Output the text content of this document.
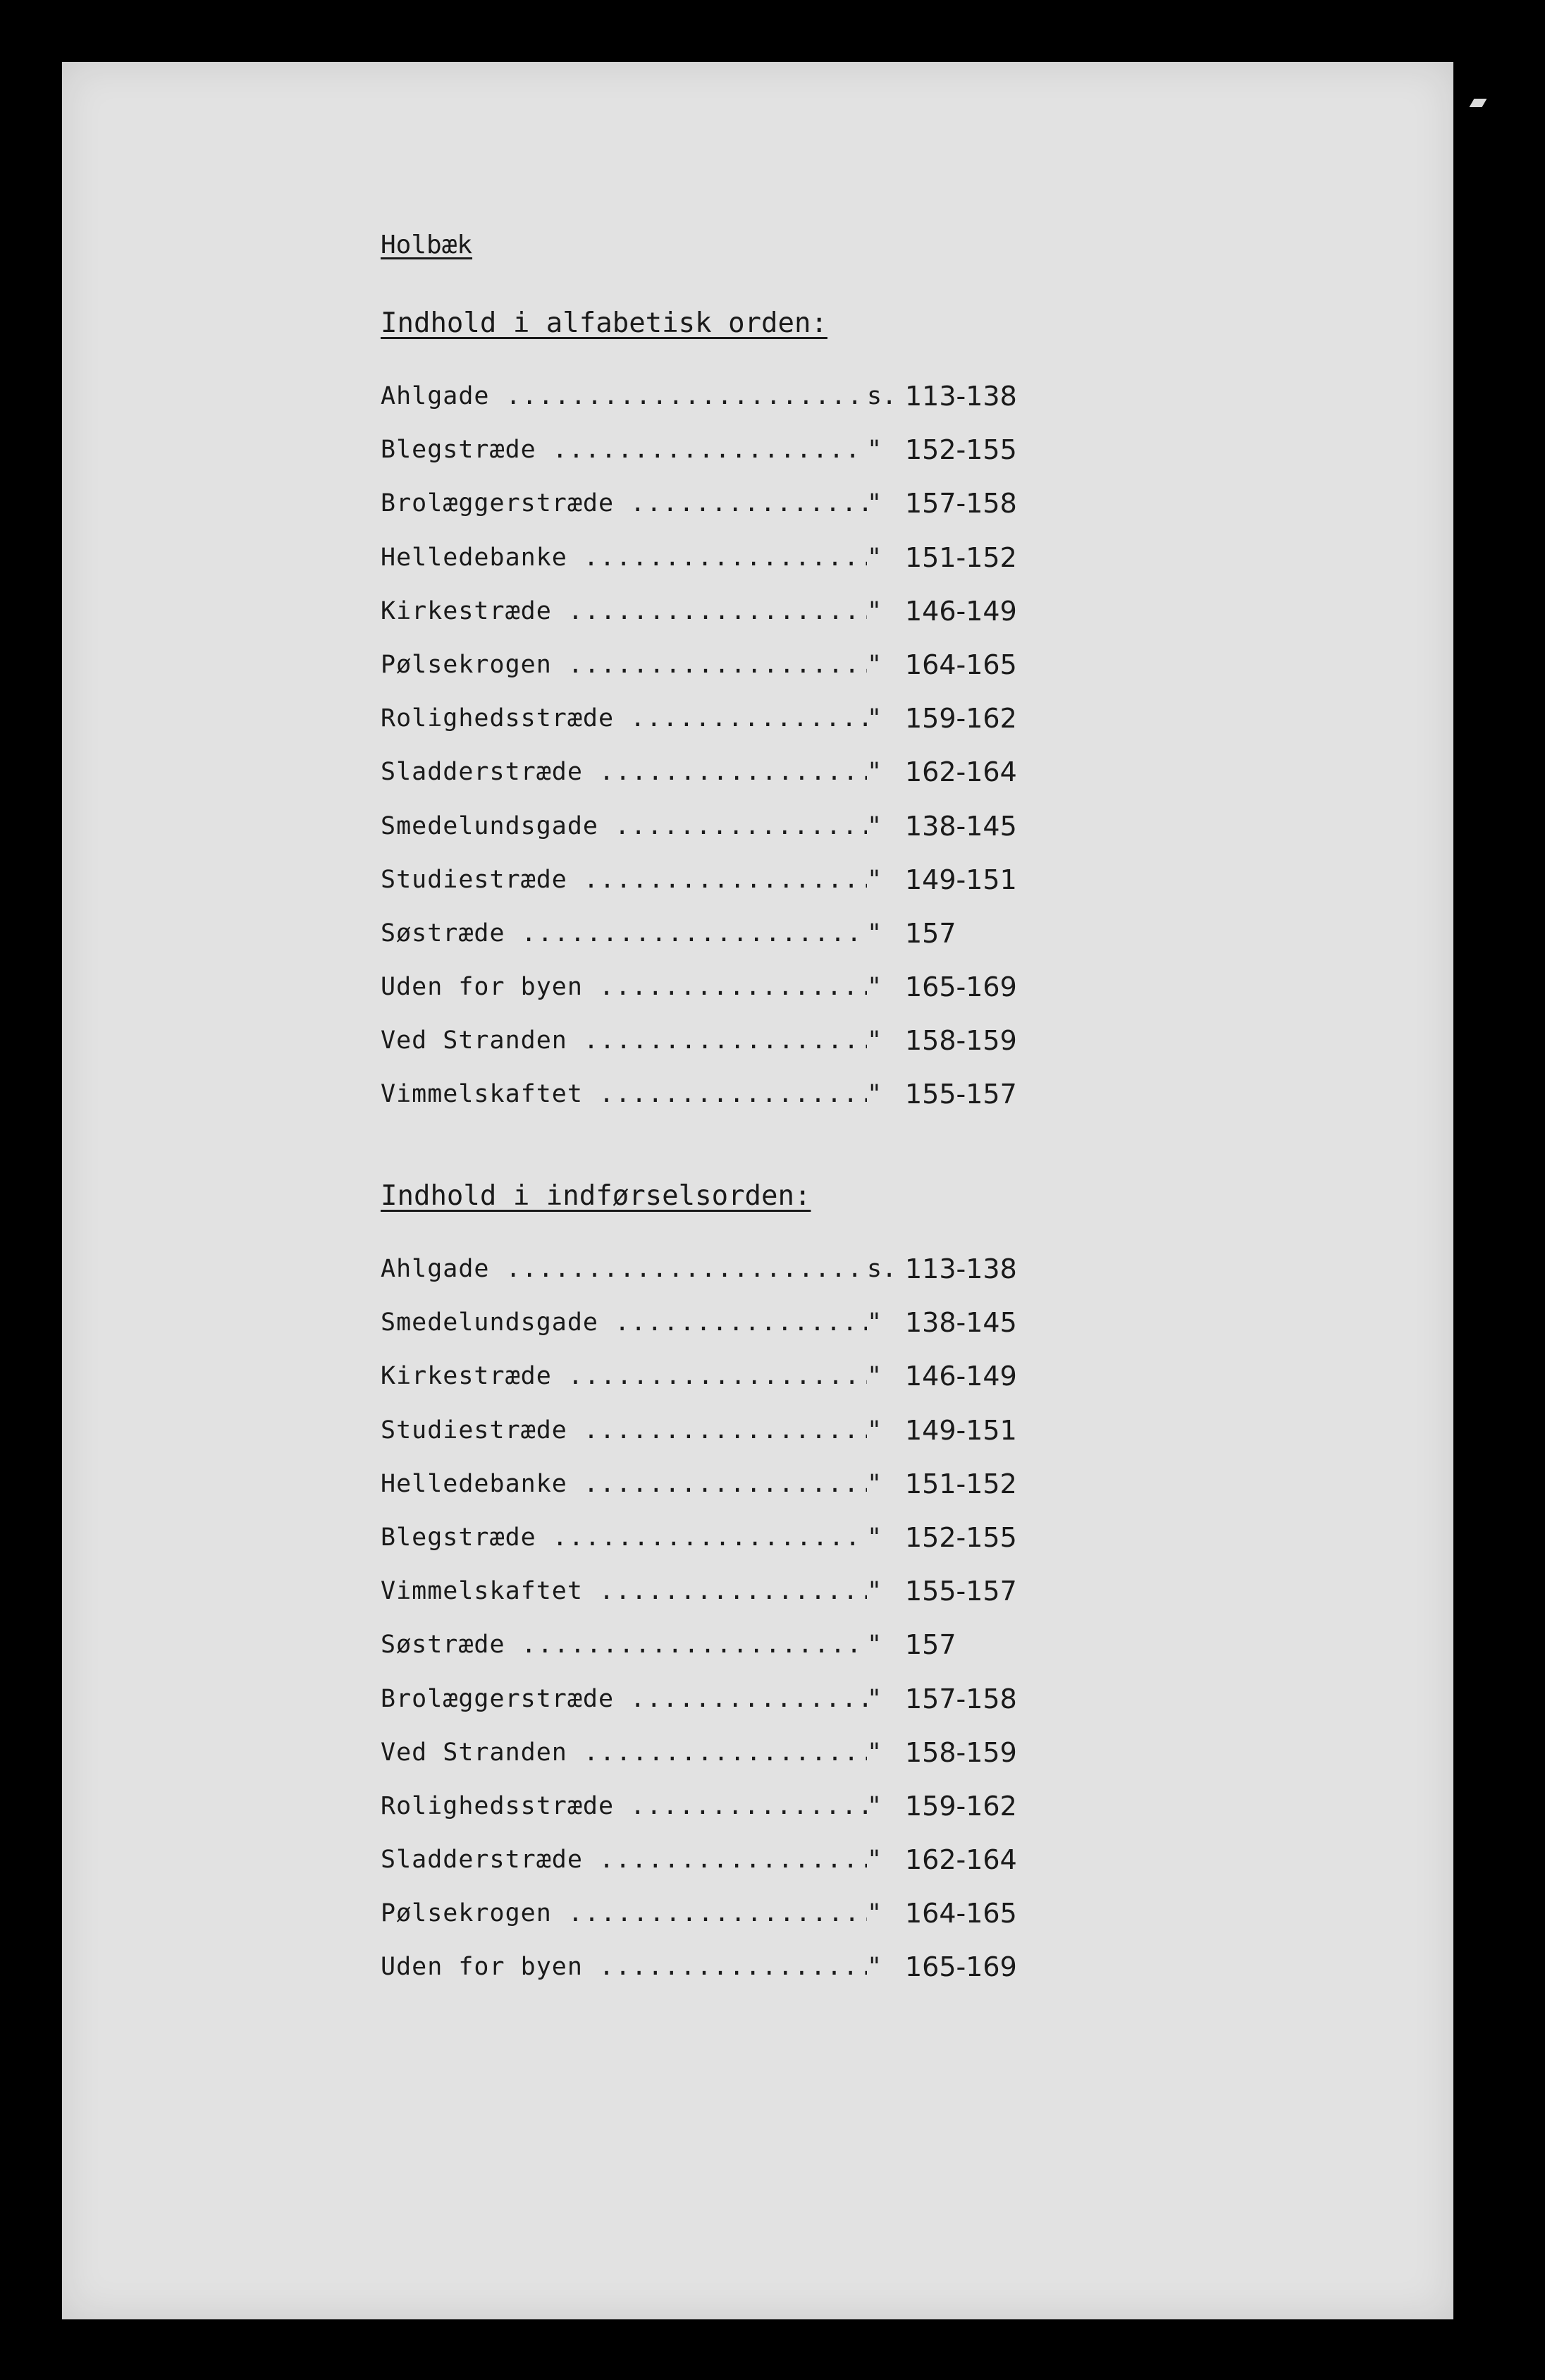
Holbæk
Indhold i alfabetisk orden:
Ahlgade .....	s. 113-138
Blegstræde .....	" 152-155
Brolæggerstræde .....	" 157-158
Helledebanke .....	" 151-152
Kirkestræde .....	" 146-149
Pølsekrogen .....	" 164-165
Rolighedsstræde .....	" 159-162
Sladderstræde .....	" 162-164
Smedelundsgade .....	" 138-145
Studiestræde .....	" 149-151
Søstræde .....	" 157
Uden for byen .....	" 165-169
Ved Stranden .....	" 158-159
Vimmelskaftet .....	" 155-157
Indhold i indførselsorden:
Ahlgade .....	s. 113-138
Smedelundsgade .....	" 138-145
Kirkestræde .....	" 146-149
Studiestræde .....	" 149-151
Helledebanke .....	" 151-152
Blegstræde .....	" 152-155
Vimmelskaftet .....	" 155-157
Søstræde .....	" 157
Brolæggerstræde .....	" 157-158
Ved Stranden .....	" 158-159
Rolighedsstræde .....	" 159-162
Sladderstræde .....	" 162-164
Pølsekrogen .....	" 164-165
Uden for byen .....	" 165-169
